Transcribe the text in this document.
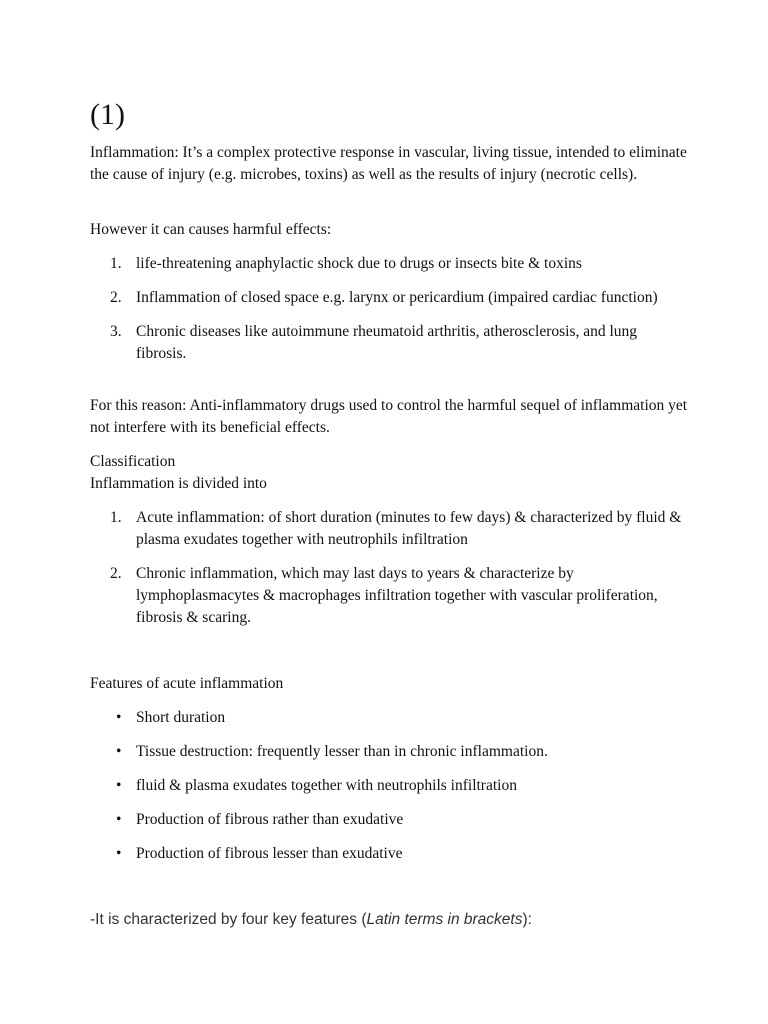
(1)

Inflammation: It’s a complex protective response in vascular, living tissue, intended to eliminate the cause of injury (e.g. microbes, toxins) as well as the results of injury (necrotic cells).

However it can causes harmful effects:

1. life-threatening anaphylactic shock due to drugs or insects bite & toxins
2. Inflammation of closed space e.g. larynx or pericardium (impaired cardiac function)
3. Chronic diseases like autoimmune rheumatoid arthritis, atherosclerosis, and lung fibrosis.

For this reason: Anti-inflammatory drugs used to control the harmful sequel of inflammation yet not interfere with its beneficial effects.

Classification

Inflammation is divided into

1. Acute inflammation: of short duration (minutes to few days) & characterized by fluid & plasma exudates together with neutrophils infiltration
2. Chronic inflammation, which may last days to years & characterize by lymphoplasmacytes & macrophages infiltration together with vascular proliferation, fibrosis & scaring.

Features of acute inflammation

• Short duration
• Tissue destruction: frequently lesser than in chronic inflammation.
• fluid & plasma exudates together with neutrophils infiltration
• Production of fibrous rather than exudative
• Production of fibrous lesser than exudative

-It is characterized by four key features (Latin terms in brackets):
